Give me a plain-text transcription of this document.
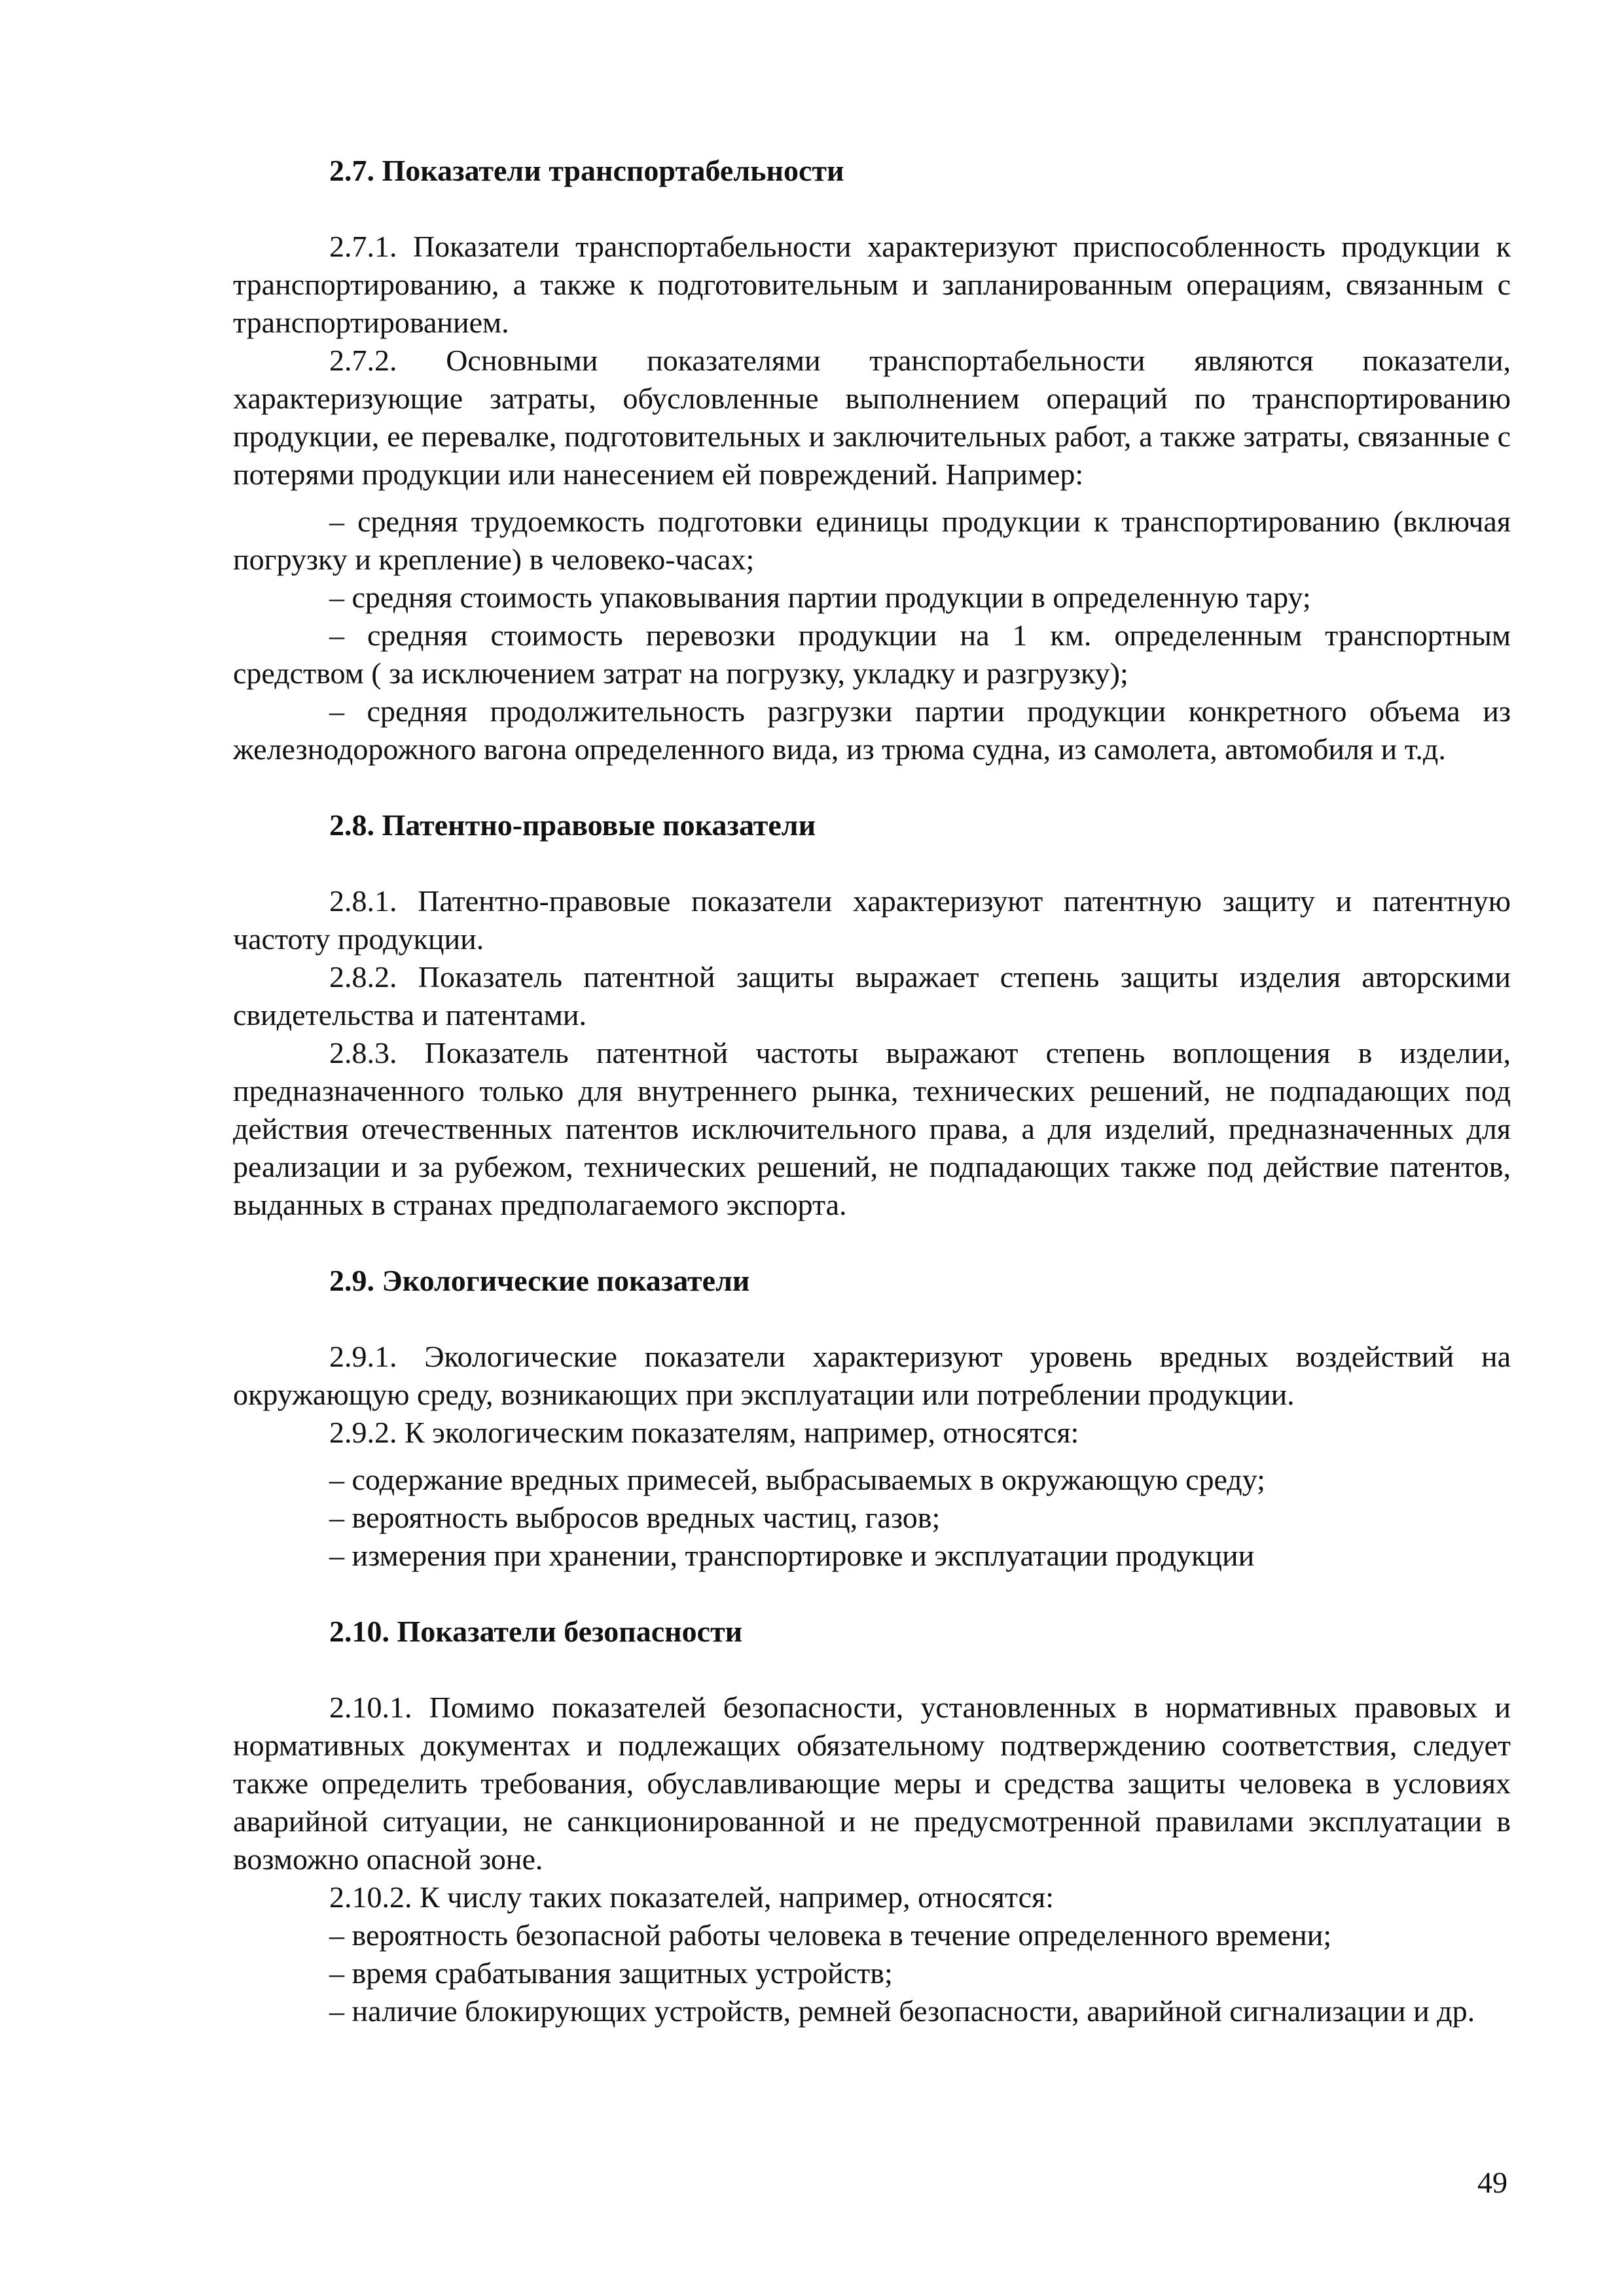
2.7. Показатели транспортабельности
2.7.1. Показатели транспортабельности характеризуют приспособленность продукции к транспортированию, а также к подготовительным и запланированным операциям, связанным с транспортированием.
2.7.2. Основными показателями транспортабельности являются показатели, характеризующие затраты, обусловленные выполнением операций по транспортированию продукции, ее перевалке, подготовительных и заключительных работ, а также затраты, связанные с потерями продукции или нанесением ей повреждений. Например:
– средняя трудоемкость подготовки единицы продукции к транспортированию (включая погрузку и крепление) в человеко-часах;
– средняя стоимость упаковывания партии продукции в определенную тару;
– средняя стоимость перевозки продукции на 1 км. определенным транспортным средством ( за исключением затрат на погрузку, укладку и разгрузку);
– средняя продолжительность разгрузки партии продукции конкретного объема из железнодорожного вагона определенного вида, из трюма судна, из самолета, автомобиля и т.д.
2.8. Патентно-правовые показатели
2.8.1. Патентно-правовые показатели характеризуют патентную защиту и патентную частоту продукции.
2.8.2. Показатель патентной защиты выражает степень защиты изделия авторскими свидетельства и патентами.
2.8.3. Показатель патентной частоты выражают степень воплощения в изделии, предназначенного только для внутреннего рынка, технических решений, не подпадающих под действия отечественных патентов исключительного права, а для изделий, предназначенных для реализации и за рубежом, технических решений, не подпадающих также под действие патентов, выданных в странах предполагаемого экспорта.
2.9. Экологические показатели
2.9.1. Экологические показатели характеризуют уровень вредных воздействий на окружающую среду, возникающих при эксплуатации или потреблении продукции.
2.9.2. К экологическим показателям, например, относятся:
– содержание вредных примесей, выбрасываемых в окружающую среду;
– вероятность выбросов вредных частиц, газов;
– измерения при хранении, транспортировке и эксплуатации продукции
2.10. Показатели безопасности
2.10.1. Помимо показателей безопасности, установленных в нормативных правовых и нормативных документах и подлежащих обязательному подтверждению соответствия, следует также определить требования, обуславливающие меры и средства защиты человека в условиях аварийной ситуации, не санкционированной и не предусмотренной правилами эксплуатации в возможно опасной зоне.
2.10.2. К числу таких показателей, например, относятся:
– вероятность безопасной работы человека в течение определенного времени;
– время срабатывания защитных устройств;
– наличие блокирующих устройств, ремней безопасности, аварийной сигнализации и др.
49
